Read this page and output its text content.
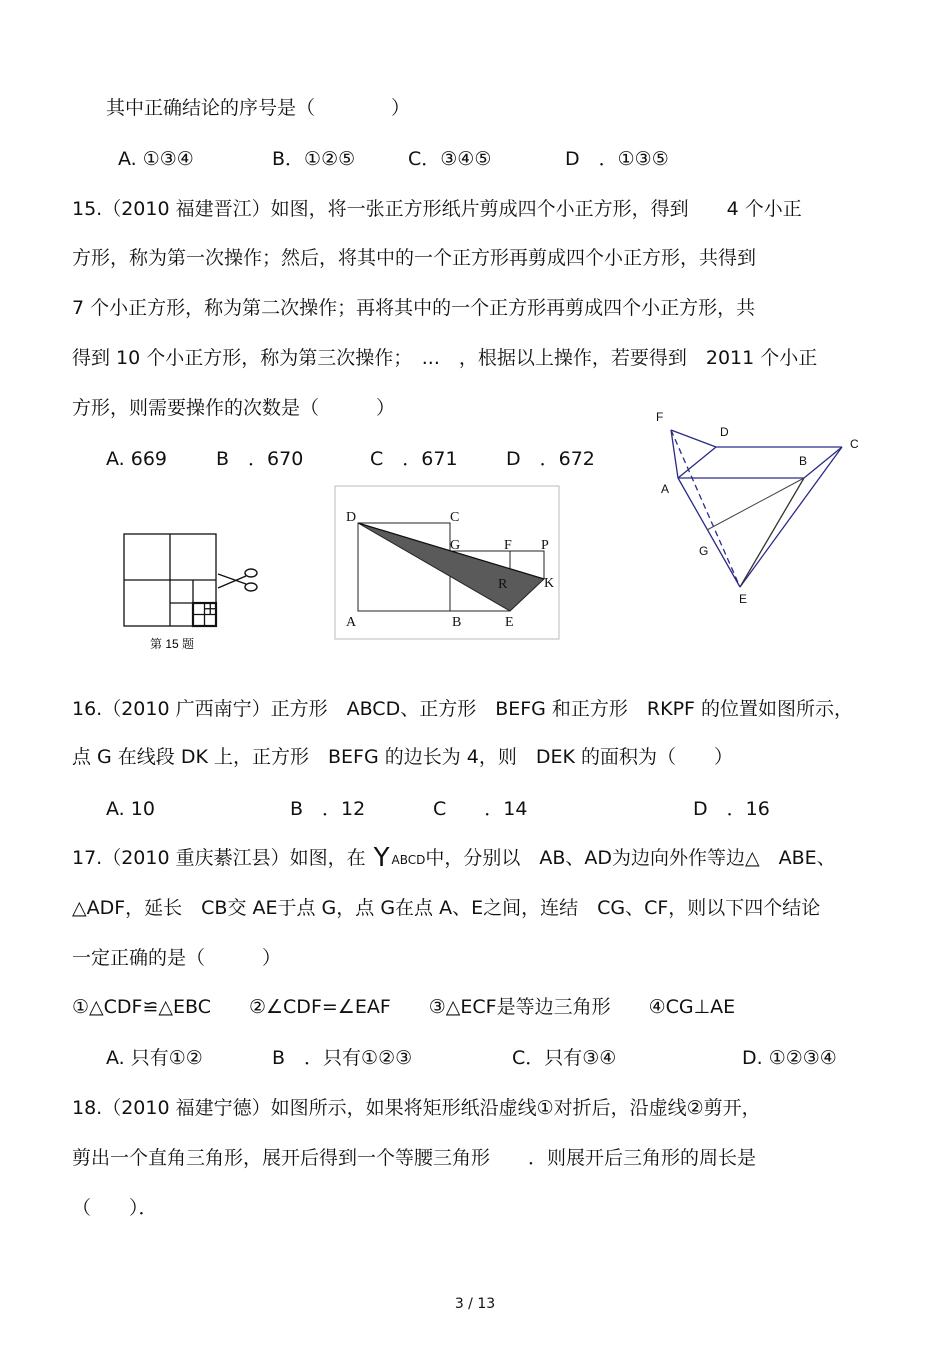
其中正确结论的序号是（　　　　）
A. ①③④	B．①②⑤	C．③④⑤	D　．①③⑤
15.（2010 福建晋江）如图，将一张正方形纸片剪成四个小正方形，得到　　4 个小正
方形，称为第一次操作；然后，将其中的一个正方形再剪成四个小正方形，共得到
7 个小正方形，称为第二次操作；再将其中的一个正方形再剪成四个小正方形，共
得到 10 个小正方形，称为第三次操作；　...　，根据以上操作，若要得到　2011 个小正
方形，则需要操作的次数是（　　　）
A. 669	B　．670	C　．671	D　．672
第 15 题
D	C
G	F P
R	K
A	B	E
F
D
C
B
A
G
E
16.（2010 广西南宁）正方形　ABCD、正方形　BEFG 和正方形　RKPF 的位置如图所示，
点 G 在线段 DK 上，正方形　BEFG 的边长为 4，则　DEK 的面积为（　　）
A. 10	B　．12	C　　．14	D　．16
17.（2010 重庆綦江县）如图，在 Y ABCD中，分别以　AB、AD为边向外作等边△　ABE、
△ADF，延长　CB交 AE于点 G，点 G在点 A、E之间，连结　CG、CF，则以下四个结论
一定正确的是（　　　）
①△CDF≌△EBC　　②∠CDF=∠EAF　　③△ECF是等边三角形　　④CG⊥AE
A. 只有①②	B　．只有①②③	C．只有③④	D. ①②③④
18.（2010 福建宁德）如图所示，如果将矩形纸沿虚线①对折后，沿虚线②剪开，
剪出一个直角三角形，展开后得到一个等腰三角形　　．则展开后三角形的周长是
（　　）．
3 / 13
